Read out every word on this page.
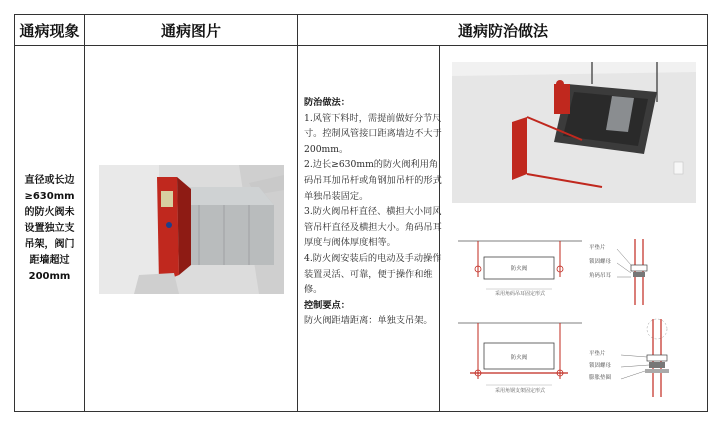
通病现象	通病图片	通病防治做法
直径或长边≥630mm的防火阀未设置独立支吊架，阀门距墙超过200mm
防治做法：
1.风管下料时，需提前做好分节尺寸。控制风管接口距离墙边不大于200mm。
2.边长≥630mm的防火阀利用角码吊耳加吊杆或角钢加吊杆的形式单独吊装固定。
3.防火阀吊杆直径、横担大小同风管吊杆直径及横担大小。角码吊耳厚度与阀体厚度相等。
4.防火阀安装后的电动及手动操作装置灵活、可靠，便于操作和维修。
控制要点：
防火阀距墙距离：单独支吊架。
防火阀
采用角码吊耳固定形式
平垫片
锁固螺母
角码吊耳
防火阀
采用角钢支架固定形式
平垫片
锁固螺母
膨胀垫圈
